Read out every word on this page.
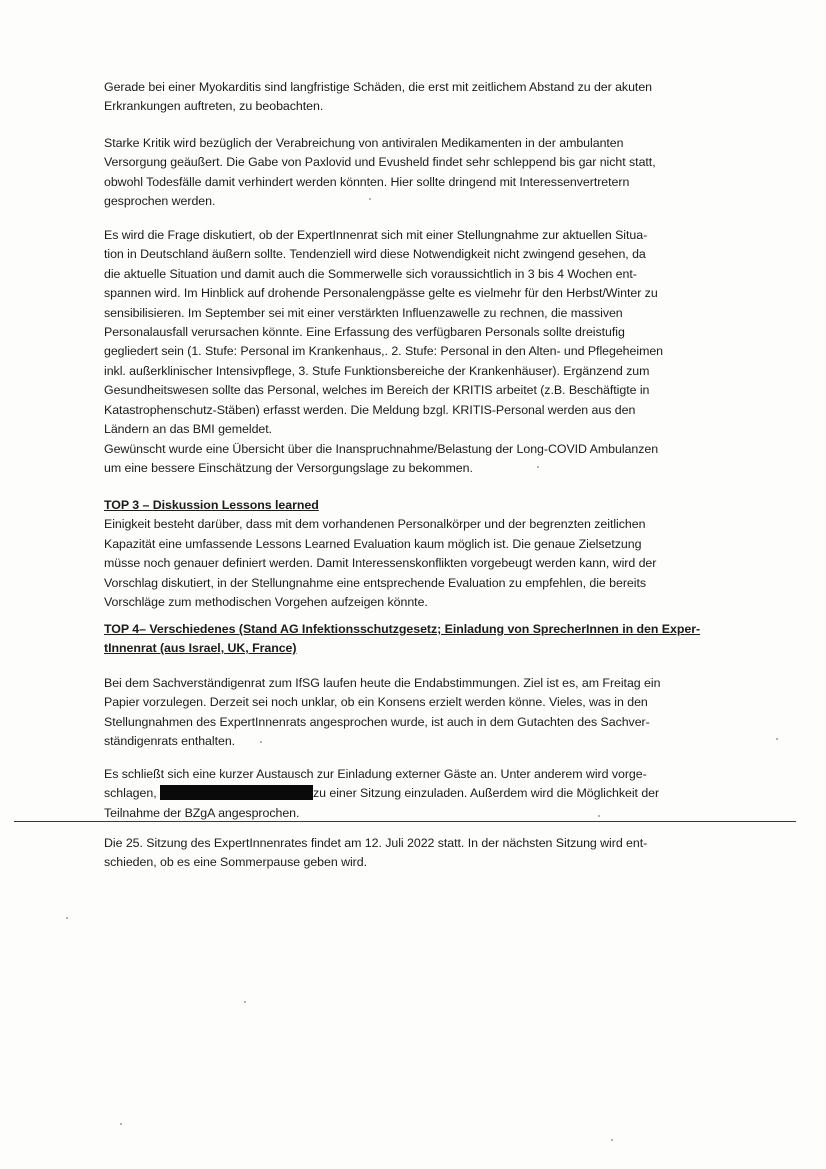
Gerade bei einer Myokarditis sind langfristige Schäden, die erst mit zeitlichem Abstand zu der akuten
Erkrankungen auftreten, zu beobachten.
Starke Kritik wird bezüglich der Verabreichung von antiviralen Medikamenten in der ambulanten
Versorgung geäußert. Die Gabe von Paxlovid und Evusheld findet sehr schleppend bis gar nicht statt,
obwohl Todesfälle damit verhindert werden könnten. Hier sollte dringend mit Interessenvertretern
gesprochen werden.
Es wird die Frage diskutiert, ob der ExpertInnenrat sich mit einer Stellungnahme zur aktuellen Situa-
tion in Deutschland äußern sollte. Tendenziell wird diese Notwendigkeit nicht zwingend gesehen, da
die aktuelle Situation und damit auch die Sommerwelle sich voraussichtlich in 3 bis 4 Wochen ent-
spannen wird. Im Hinblick auf drohende Personalengpässe gelte es vielmehr für den Herbst/Winter zu
sensibilisieren. Im September sei mit einer verstärkten Influenzawelle zu rechnen, die massiven
Personalausfall verursachen könnte. Eine Erfassung des verfügbaren Personals sollte dreistufig
gegliedert sein (1. Stufe: Personal im Krankenhaus,. 2. Stufe: Personal in den Alten- und Pflegeheimen
inkl. außerklinischer Intensivpflege, 3. Stufe Funktionsbereiche der Krankenhäuser). Ergänzend zum
Gesundheitswesen sollte das Personal, welches im Bereich der KRITIS arbeitet (z.B. Beschäftigte in
Katastrophenschutz-Stäben) erfasst werden. Die Meldung bzgl. KRITIS-Personal werden aus den
Ländern an das BMI gemeldet.
Gewünscht wurde eine Übersicht über die Inanspruchnahme/Belastung der Long-COVID Ambulanzen
um eine bessere Einschätzung der Versorgungslage zu bekommen.
TOP 3 – Diskussion Lessons learned
Einigkeit besteht darüber, dass mit dem vorhandenen Personalkörper und der begrenzten zeitlichen
Kapazität eine umfassende Lessons Learned Evaluation kaum möglich ist. Die genaue Zielsetzung
müsse noch genauer definiert werden. Damit Interessenskonflikten vorgebeugt werden kann, wird der
Vorschlag diskutiert, in der Stellungnahme eine entsprechende Evaluation zu empfehlen, die bereits
Vorschläge zum methodischen Vorgehen aufzeigen könnte.
TOP 4– Verschiedenes (Stand AG Infektionsschutzgesetz; Einladung von SprecherInnen in den Exper-
tInnenrat (aus Israel, UK, France)
Bei dem Sachverständigenrat zum IfSG laufen heute die Endabstimmungen. Ziel ist es, am Freitag ein
Papier vorzulegen. Derzeit sei noch unklar, ob ein Konsens erzielt werden könne. Vieles, was in den
Stellungnahmen des ExpertInnenrats angesprochen wurde, ist auch in dem Gutachten des Sachver-
ständigenrats enthalten.
Es schließt sich eine kurzer Austausch zur Einladung externer Gäste an. Unter anderem wird vorge-
schlagen,	zu einer Sitzung einzuladen. Außerdem wird die Möglichkeit der
Teilnahme der BZgA angesprochen.
Die 25. Sitzung des ExpertInnenrates findet am 12. Juli 2022 statt. In der nächsten Sitzung wird ent-
schieden, ob es eine Sommerpause geben wird.
